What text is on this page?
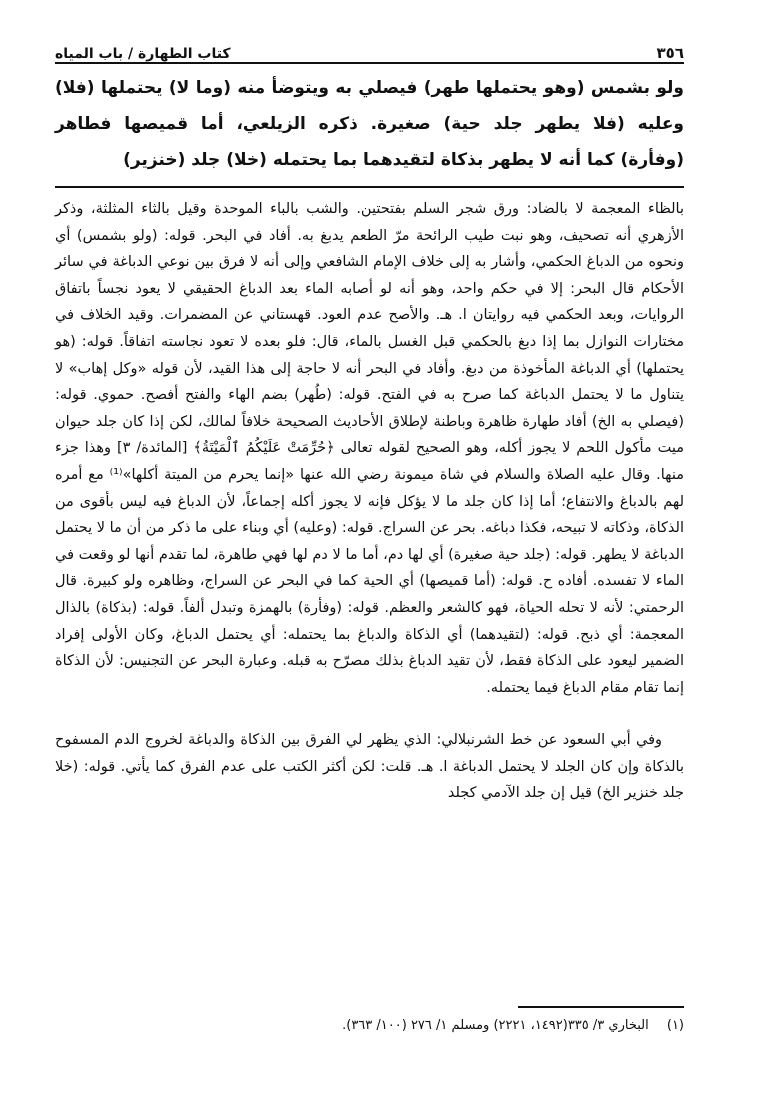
٣٥٦
كتاب الطهارة / باب المياه

ولو بشمس (وهو يحتملها طهر) فيصلي به ويتوضأ منه (وما لا) يحتملها (فلا) وعليه (فلا يطهر جلد حية) صغيرة. ذكره الزيلعي، أما قميصها فطاهر (وفأرة) كما أنه لا يطهر بذكاة لتقيدهما بما يحتمله (خلا) جلد (خنزير)

بالظاء المعجمة لا بالضاد: ورق شجر السلم بفتحتين. والشب بالباء الموحدة وقيل بالثاء المثلثة، وذكر الأزهري أنه تصحيف، وهو نبت طيب الرائحة مرّ الطعم يدبغ به. أفاد في البحر. قوله: (ولو بشمس) أي ونحوه من الدباغ الحكمي، وأشار به إلى خلاف الإمام الشافعي وإلى أنه لا فرق بين نوعي الدباغة في سائر الأحكام قال البحر: إلا في حكم واحد، وهو أنه لو أصابه الماء بعد الدباغ الحقيقي لا يعود نجساً باتفاق الروايات، وبعد الحكمي فيه روايتان ا. هـ. والأصح عدم العود. قهستاني عن المضمرات. وقيد الخلاف في مختارات النوازل بما إذا دبغ بالحكمي قبل الغسل بالماء، قال: فلو بعده لا تعود نجاسته اتفاقاً. قوله: (هو يحتملها) أي الدباغة المأخوذة من دبغ. وأفاد في البحر أنه لا حاجة إلى هذا القيد، لأن قوله «وكل إهاب» لا يتناول ما لا يحتمل الدباغة كما صرح به في الفتح. قوله: (طُهر) بضم الهاء والفتح أفصح. حموي. قوله: (فيصلي به الخ) أفاد طهارة ظاهرة وباطنة لإطلاق الأحاديث الصحيحة خلافاً لمالك، لكن إذا كان جلد حيوان ميت مأكول اللحم لا يجوز أكله، وهو الصحيح لقوله تعالى ﴿حُرِّمَتْ عَلَيْكُمُ ٱلْمَيْتَةُ﴾ [المائدة/ ٣] وهذا جزء منها. وقال عليه الصلاة والسلام في شاة ميمونة رضي الله عنها «إنما يحرم من الميتة أكلها»⁽¹⁾ مع أمره لهم بالدباغ والانتفاع؛ أما إذا كان جلد ما لا يؤكل فإنه لا يجوز أكله إجماعاً، لأن الدباغ فيه ليس بأقوى من الذكاة، وذكاته لا تبيحه، فكذا دباغه. بحر عن السراج. قوله: (وعليه) أي وبناء على ما ذكر من أن ما لا يحتمل الدباغة لا يطهر. قوله: (جلد حية صغيرة) أي لها دم، أما ما لا دم لها فهي طاهرة، لما تقدم أنها لو وقعت في الماء لا تفسده. أفاده ح. قوله: (أما قميصها) أي الحية كما في البحر عن السراج، وظاهره ولو كبيرة. قال الرحمتي: لأنه لا تحله الحياة، فهو كالشعر والعظم. قوله: (وفأرة) بالهمزة وتبدل ألفاً. قوله: (بذكاة) بالذال المعجمة: أي ذبح. قوله: (لتقيدهما) أي الذكاة والدباغ بما يحتمله: أي يحتمل الدباغ، وكان الأولى إفراد الضمير ليعود على الذكاة فقط، لأن تقيد الدباغ بذلك مصرّح به قبله. وعبارة البحر عن التجنيس: لأن الذكاة إنما تقام مقام الدباغ فيما يحتمله.

وفي أبي السعود عن خط الشرنبلالي: الذي يظهر لي الفرق بين الذكاة والدباغة لخروج الدم المسفوح بالذكاة وإن كان الجلد لا يحتمل الدباغة ا. هـ. قلت: لكن أكثر الكتب على عدم الفرق كما يأتي. قوله: (خلا جلد خنزير الخ) قيل إن جلد الآدمي كجلد

(١) البخاري ٣/ ٣٣٥(١٤٩٢، ٢٢٢١) ومسلم ١/ ٢٧٦ (١٠٠/ ٣٦٣).
